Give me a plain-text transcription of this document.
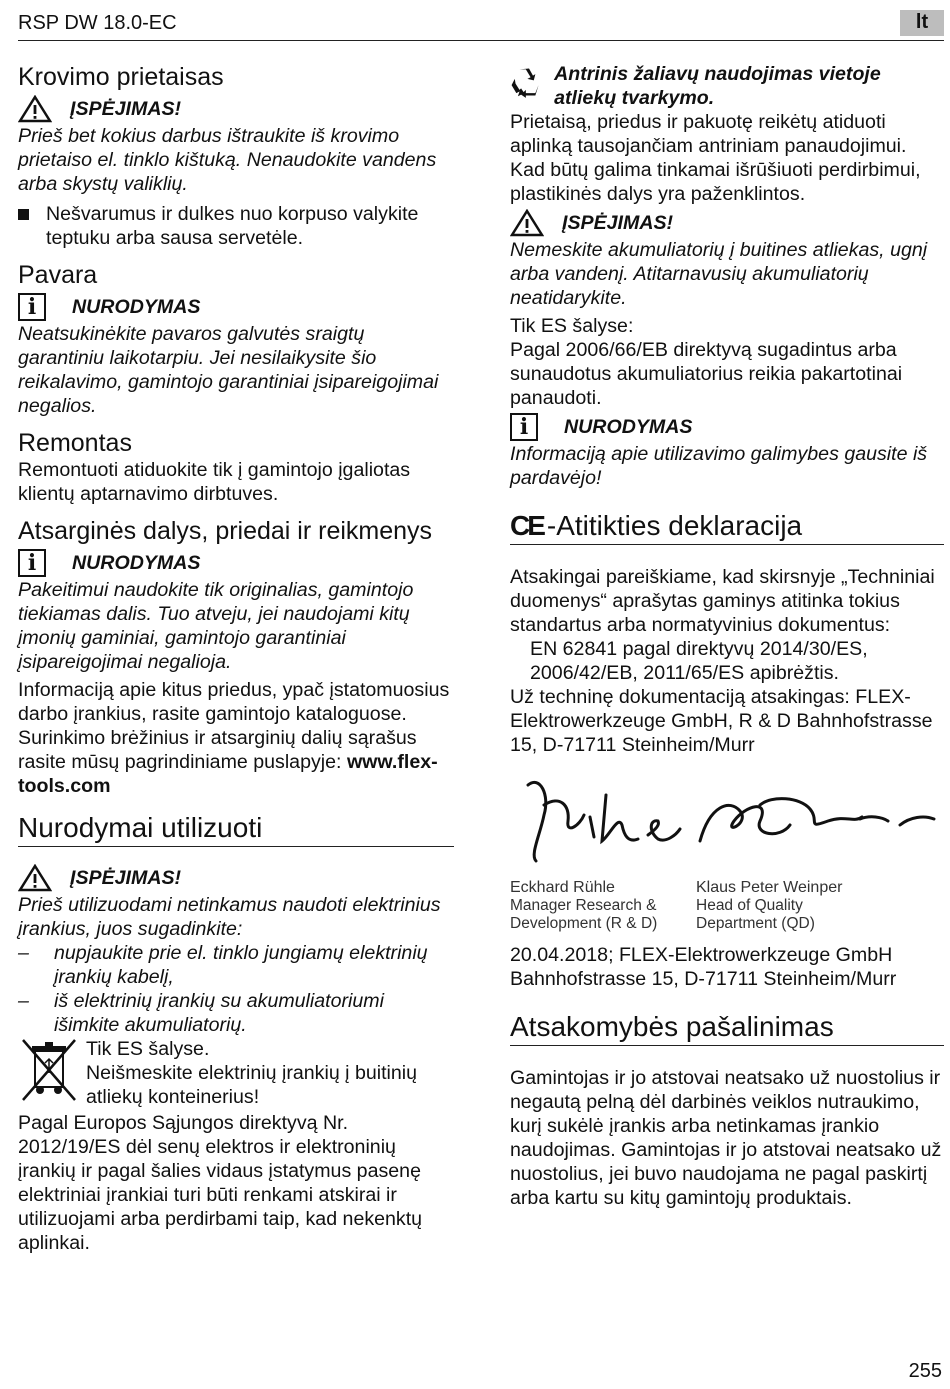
RSP DW 18.0-EC	lt
Krovimo prietaisas
ĮSPĖJIMAS!

Prieš bet kokius darbus ištraukite iš krovimo prietaiso el. tinklo kištuką. Nenaudokite vandens arba skystų valiklių.

Nešvarumus ir dulkes nuo korpuso valykite teptuku arba sausa servetėle.
Pavara
i	NURODYMAS

Neatsukinėkite pavaros galvutės sraigtų garantiniu laikotarpiu. Jei nesilaikysite šio reikalavimo, gamintojo garantiniai įsipareigojimai negalios.

Remontas

Remontuoti atiduokite tik į gamintojo įgaliotas klientų aptarnavimo dirbtuves.

Atsarginės dalys, priedai ir reikmenys
i	NURODYMAS

Pakeitimui naudokite tik originalias, gamintojo tiekiamas dalis. Tuo atveju, jei naudojami kitų įmonių gaminiai, gamintojo garantiniai įsipareigojimai negalioja.

Informaciją apie kitus priedus, ypač įstatomuosius darbo įrankius, rasite gamintojo kataloguose.

Surinkimo brėžinius ir atsarginių dalių sąrašus rasite mūsų pagrindiniame puslapyje: www.flex-tools.com

Nurodymai utilizuoti
ĮSPĖJIMAS!

Prieš utilizuodami netinkamus naudoti elektrinius įrankius, juos sugadinkite:

–	nupjaukite prie el. tinklo jungiamų elektrinių įrankių kabelį,
–	iš elektrinių įrankių su akumuliatoriumi išimkite akumuliatorių.

Tik ES šalyse.

Neišmeskite elektrinių įrankių į buitinių atliekų konteinerius!

Pagal Europos Sąjungos direktyvą Nr. 2012/19/ES dėl senų elektros ir elektroninių įrankių ir pagal šalies vidaus įstatymus pasenę elektriniai įrankiai turi būti renkami atskirai ir utilizuojami arba perdirbami taip, kad nekenktų aplinkai.

Antrinis žaliavų naudojimas vietoje atliekų tvarkymo.

Prietaisą, priedus ir pakuotę reikėtų atiduoti aplinką tausojančiam antriniam panaudojimui. Kad būtų galima tinkamai išrūšiuoti perdirbimui, plastikinės dalys yra paženklintos.

ĮSPĖJIMAS!

Nemeskite akumuliatorių į buitines atliekas, ugnį arba vandenį. Atitarnavusių akumuliatorių neatidarykite.

Tik ES šalyse:

Pagal 2006/66/EB direktyvą sugadintus arba sunaudotus akumuliatorius reikia pakartotinai panaudoti.

i	NURODYMAS

Informaciją apie utilizavimo galimybes gausite iš pardavėjo!

CE -Atitikties deklaracija

Atsakingai pareiškiame, kad skirsnyje „Techniniai duomenys“ aprašytas gaminys atitinka tokius standartus arba normatyvinius dokumentus:

EN 62841 pagal direktyvų 2014/30/ES, 2006/42/EB, 2011/65/ES apibrėžtis.

Už techninę dokumentaciją atsakingas: FLEX-Elektrowerkzeuge GmbH, R & D Bahnhofstrasse 15, D-71711 Steinheim/Murr

Eckhard Rühle
Manager Research &
Development (R & D)
Klaus Peter Weinper
Head of Quality
Department (QD)

20.04.2018; FLEX-Elektrowerkzeuge GmbH Bahnhofstrasse 15, D-71711 Steinheim/Murr

Atsakomybės pašalinimas

Gamintojas ir jo atstovai neatsako už nuostolius ir negautą pelną dėl darbinės veiklos nutraukimo, kurį sukėlė įrankis arba netinkamas įrankio naudojimas. Gamintojas ir jo atstovai neatsako už nuostolius, jei buvo naudojama ne pagal paskirtį arba kartu su kitų gamintojų produktais.

255
